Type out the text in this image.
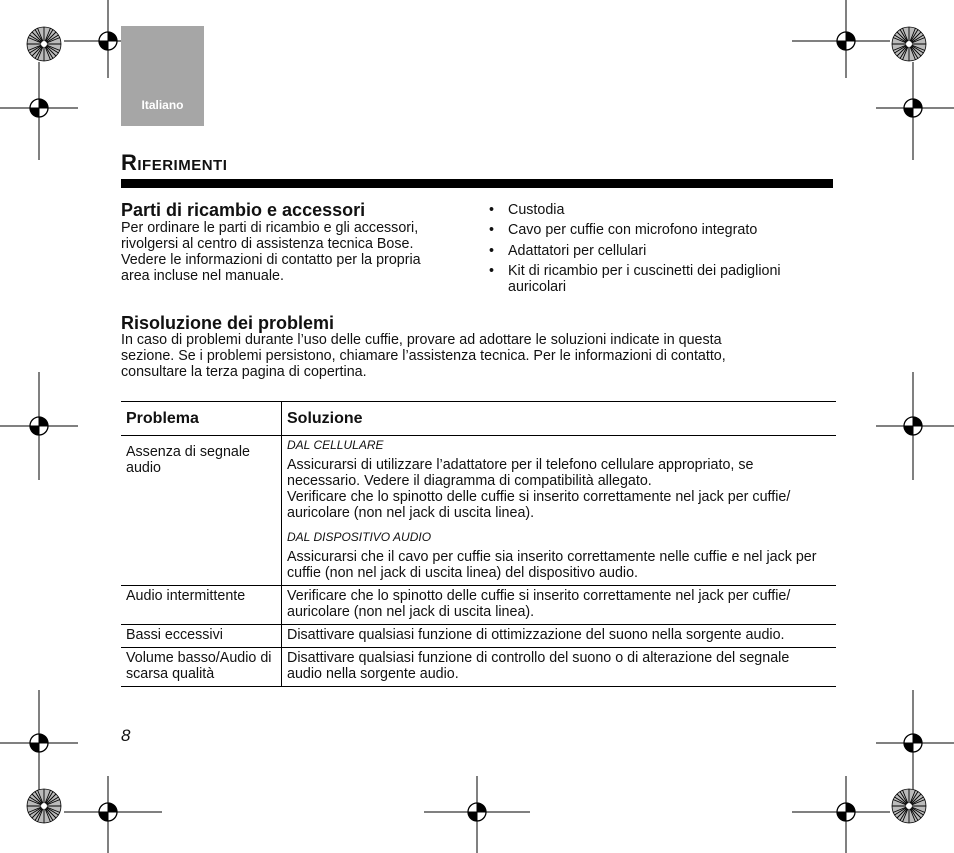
Italiano
Riferimenti
Parti di ricambio e accessori
Per ordinare le parti di ricambio e gli accessori,
rivolgersi al centro di assistenza tecnica Bose.
Vedere le informazioni di contatto per la propria
area incluse nel manuale.
• Custodia
• Cavo per cuffie con microfono integrato
• Adattatori per cellulari
• Kit di ricambio per i cuscinetti dei padiglioni auricolari
Risoluzione dei problemi
In caso di problemi durante l’uso delle cuffie, provare ad adottare le soluzioni indicate in questa
sezione. Se i problemi persistono, chiamare l’assistenza tecnica. Per le informazioni di contatto,
consultare la terza pagina di copertina.
Problema	Soluzione
Assenza di segnale audio	DAL CELLULARE
Assicurarsi di utilizzare l’adattatore per il telefono cellulare appropriato, se necessario. Vedere il diagramma di compatibilità allegato.
Verificare che lo spinotto delle cuffie si inserito correttamente nel jack per cuffie/ auricolare (non nel jack di uscita linea).
DAL DISPOSITIVO AUDIO
Assicurarsi che il cavo per cuffie sia inserito correttamente nelle cuffie e nel jack per cuffie (non nel jack di uscita linea) del dispositivo audio.

Audio intermittente	Verificare che lo spinotto delle cuffie si inserito correttamente nel jack per cuffie/ auricolare (non nel jack di uscita linea).
Bassi eccessivi	Disattivare qualsiasi funzione di ottimizzazione del suono nella sorgente audio.
Volume basso/Audio di scarsa qualità	Disattivare qualsiasi funzione di controllo del suono o di alterazione del segnale audio nella sorgente audio.
8
